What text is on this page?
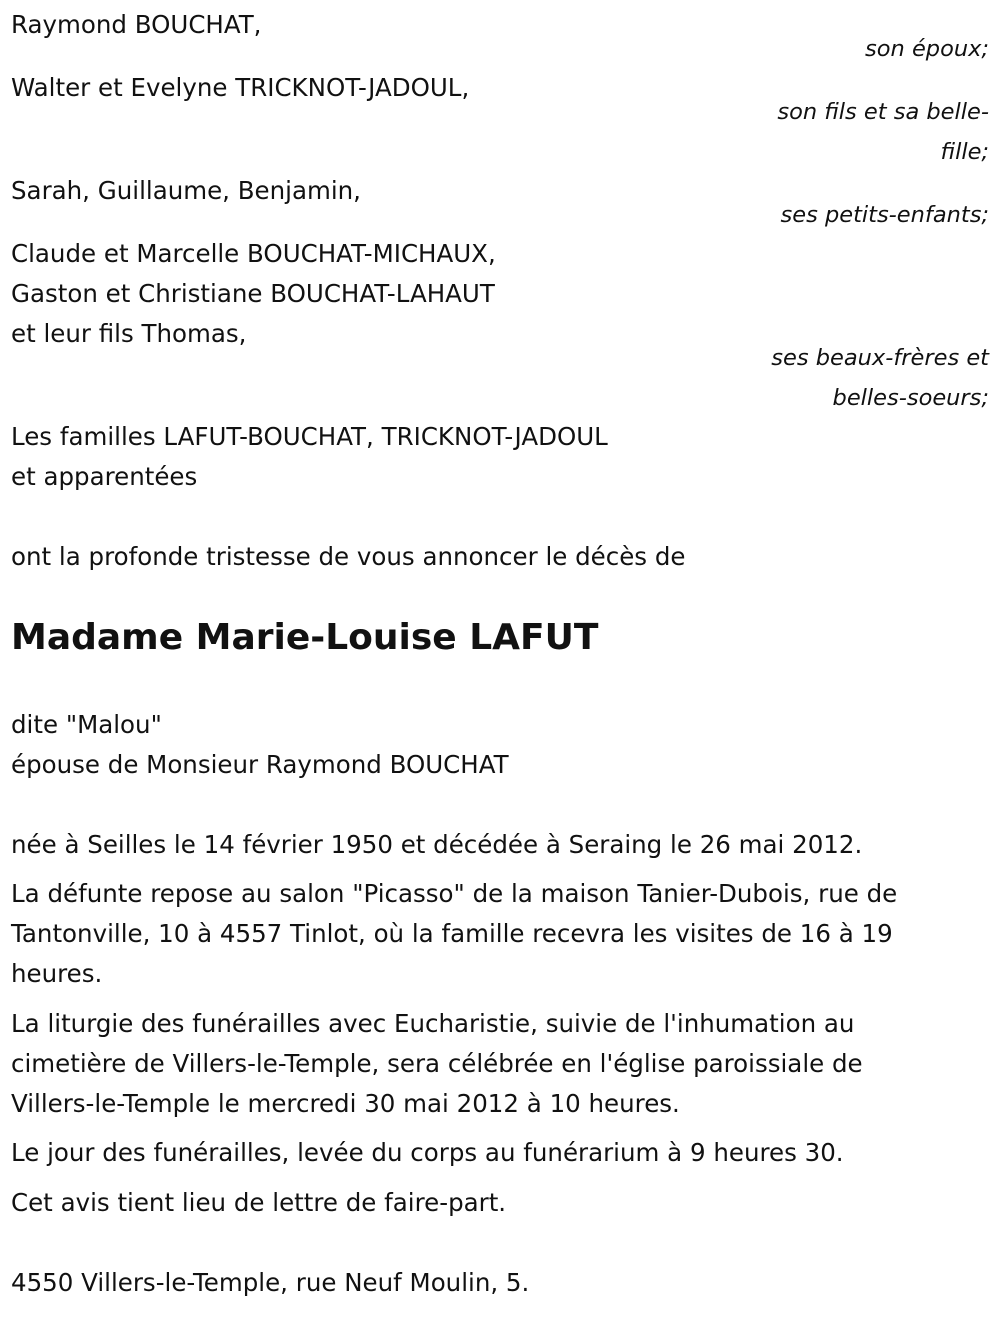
Raymond BOUCHAT,

son époux;

Walter et Evelyne TRICKNOT-JADOUL,

son fils et sa belle-

fille;

Sarah, Guillaume, Benjamin,

ses petits-enfants;

Claude et Marcelle BOUCHAT-MICHAUX,

Gaston et Christiane BOUCHAT-LAHAUT

et leur fils Thomas,

ses beaux-frères et

belles-soeurs;

Les familles LAFUT-BOUCHAT, TRICKNOT-JADOUL

et apparentées

ont la profonde tristesse de vous annoncer le décès de

Madame Marie-Louise LAFUT

dite "Malou"

épouse de Monsieur Raymond BOUCHAT

née à Seilles le 14 février 1950 et décédée à Seraing le 26 mai 2012.

La défunte repose au salon "Picasso" de la maison Tanier-Dubois, rue de

Tantonville, 10 à 4557 Tinlot, où la famille recevra les visites de 16 à 19

heures.

La liturgie des funérailles avec Eucharistie, suivie de l'inhumation au

cimetière de Villers-le-Temple, sera célébrée en l'église paroissiale de

Villers-le-Temple le mercredi 30 mai 2012 à 10 heures.

Le jour des funérailles, levée du corps au funérarium à 9 heures 30.

Cet avis tient lieu de lettre de faire-part.

4550 Villers-le-Temple, rue Neuf Moulin, 5.
